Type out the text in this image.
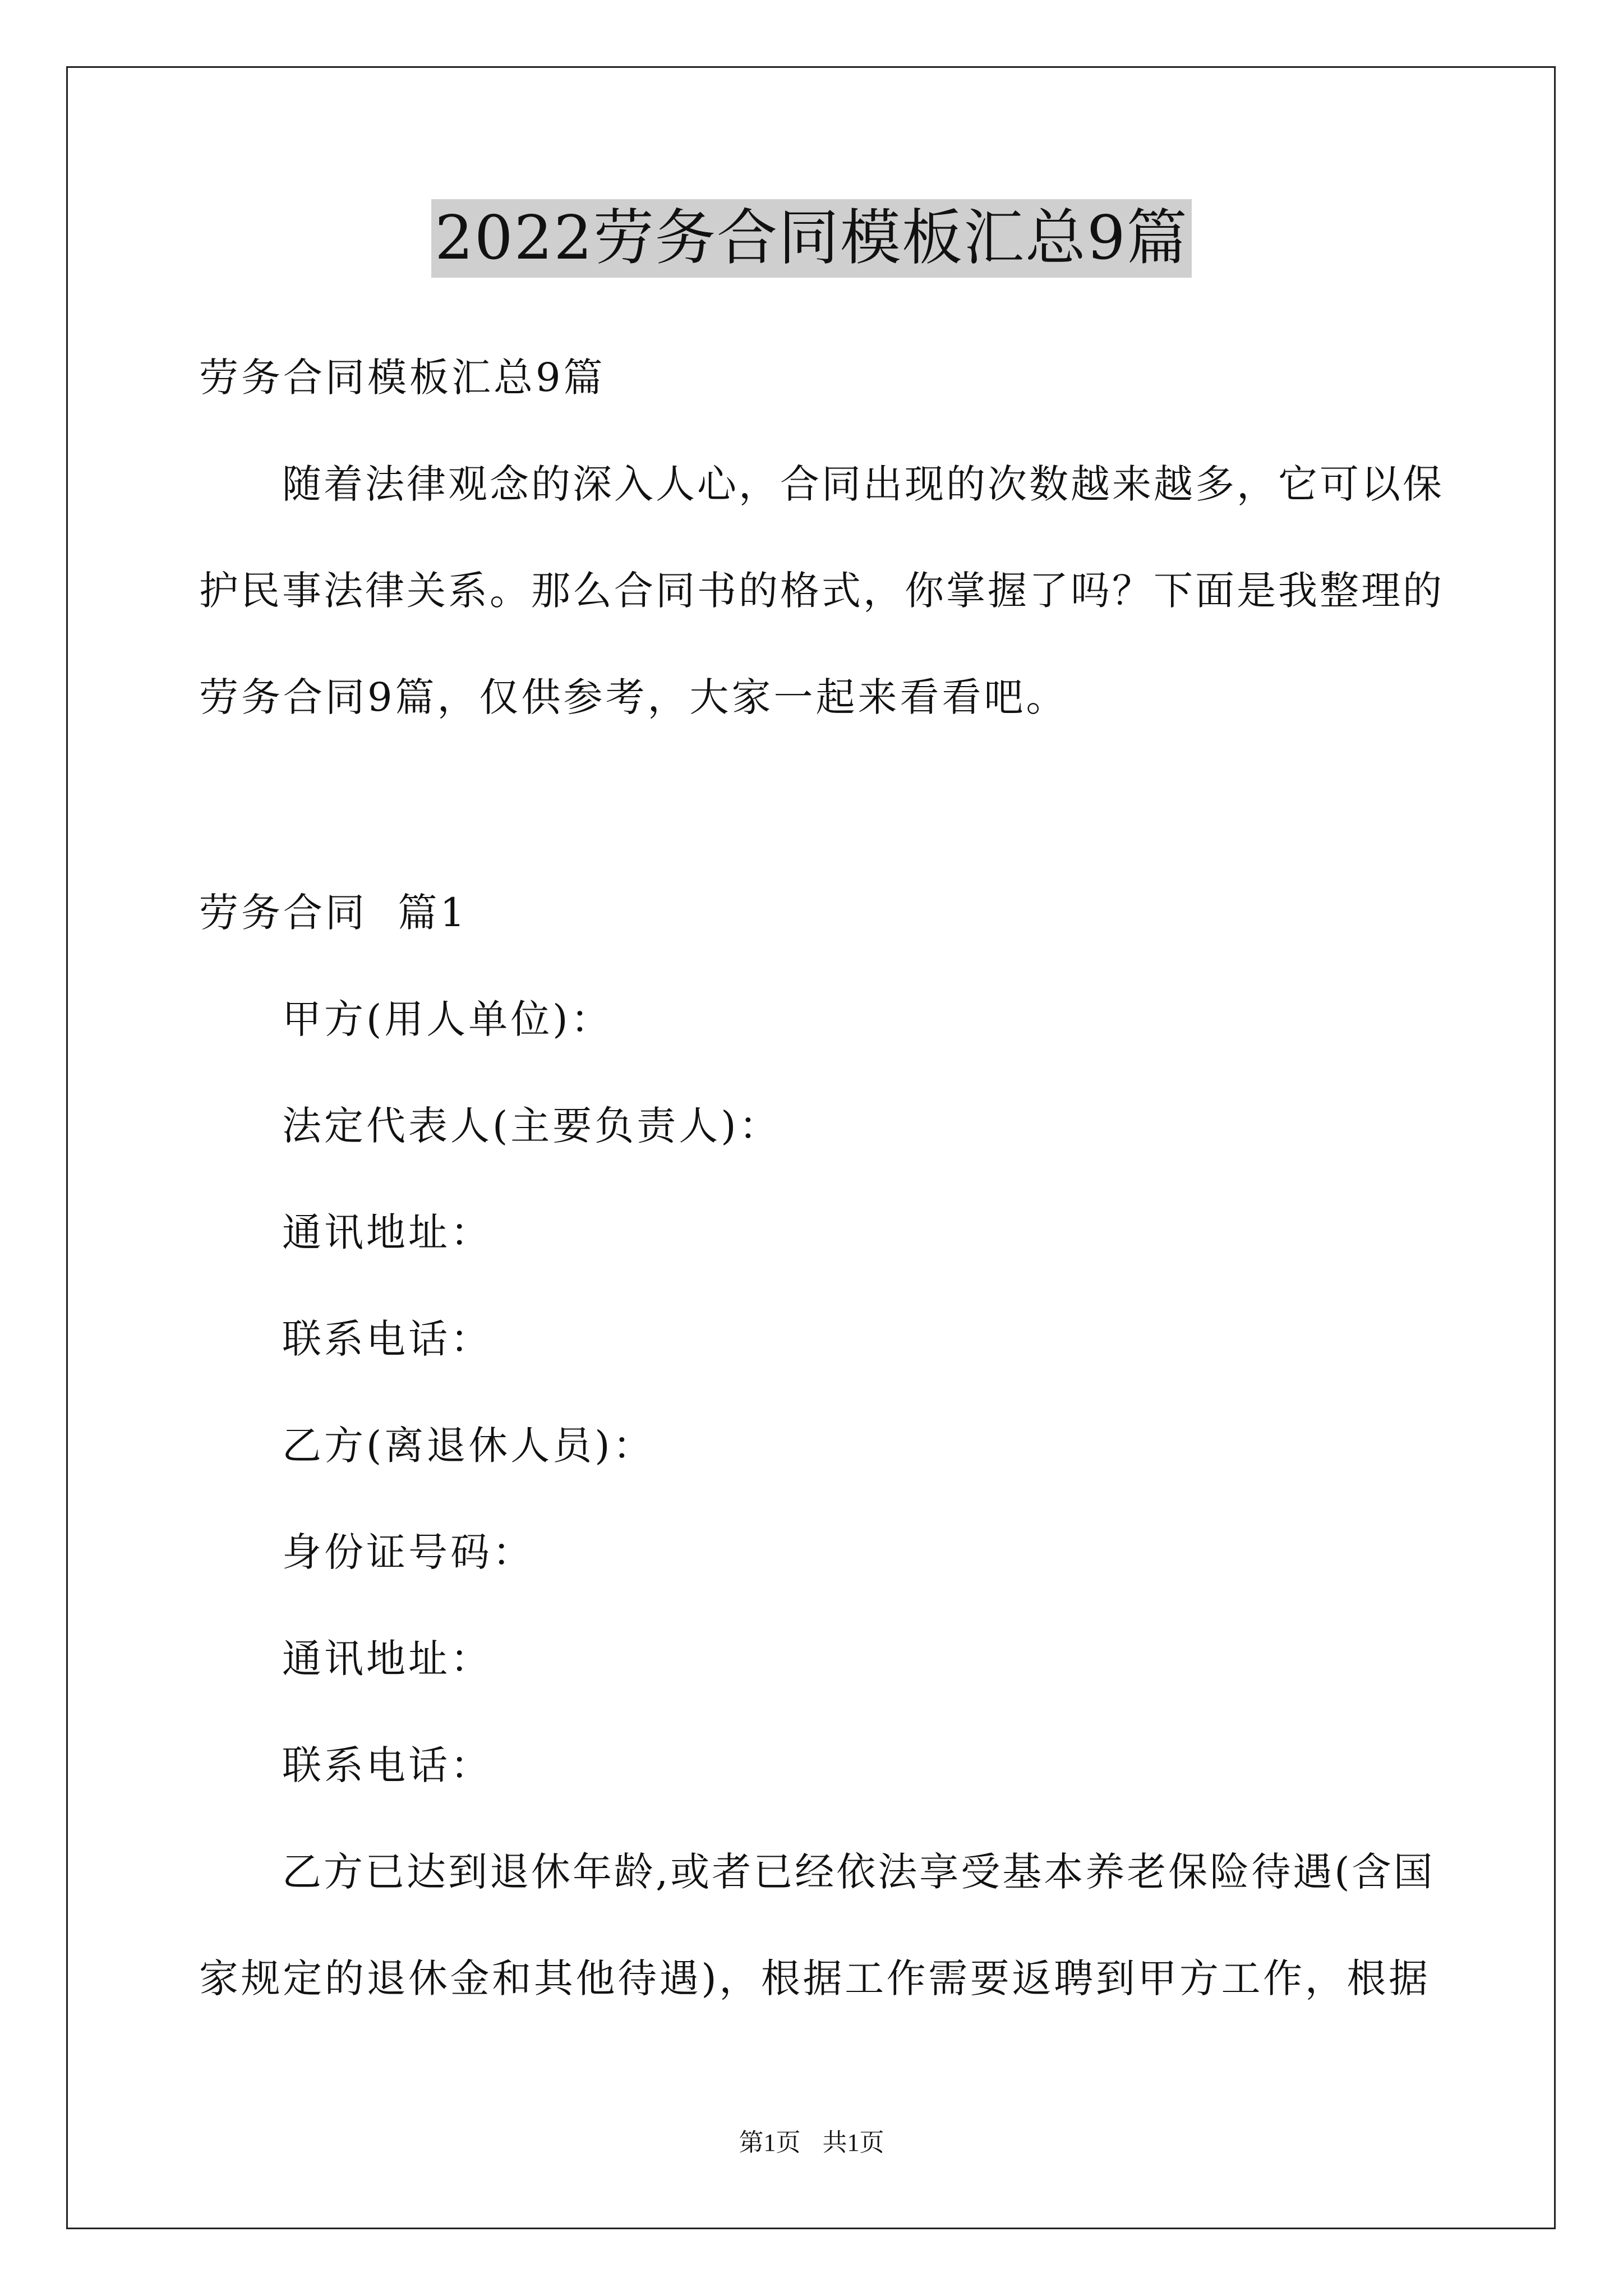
2022劳务合同模板汇总9篇
劳务合同模板汇总9篇
随着法律观念的深入人心，合同出现的次数越来越多，它可以保
护民事法律关系。那么合同书的格式，你掌握了吗？下面是我整理的
劳务合同9篇，仅供参考，大家一起来看看吧。
劳务合同  篇1
甲方(用人单位)：
法定代表人(主要负责人)：
通讯地址：
联系电话：
乙方(离退休人员)：
身份证号码：
通讯地址：
联系电话：
乙方已达到退休年龄,或者已经依法享受基本养老保险待遇(含国
家规定的退休金和其他待遇)，根据工作需要返聘到甲方工作，根据
第1页 共1页
